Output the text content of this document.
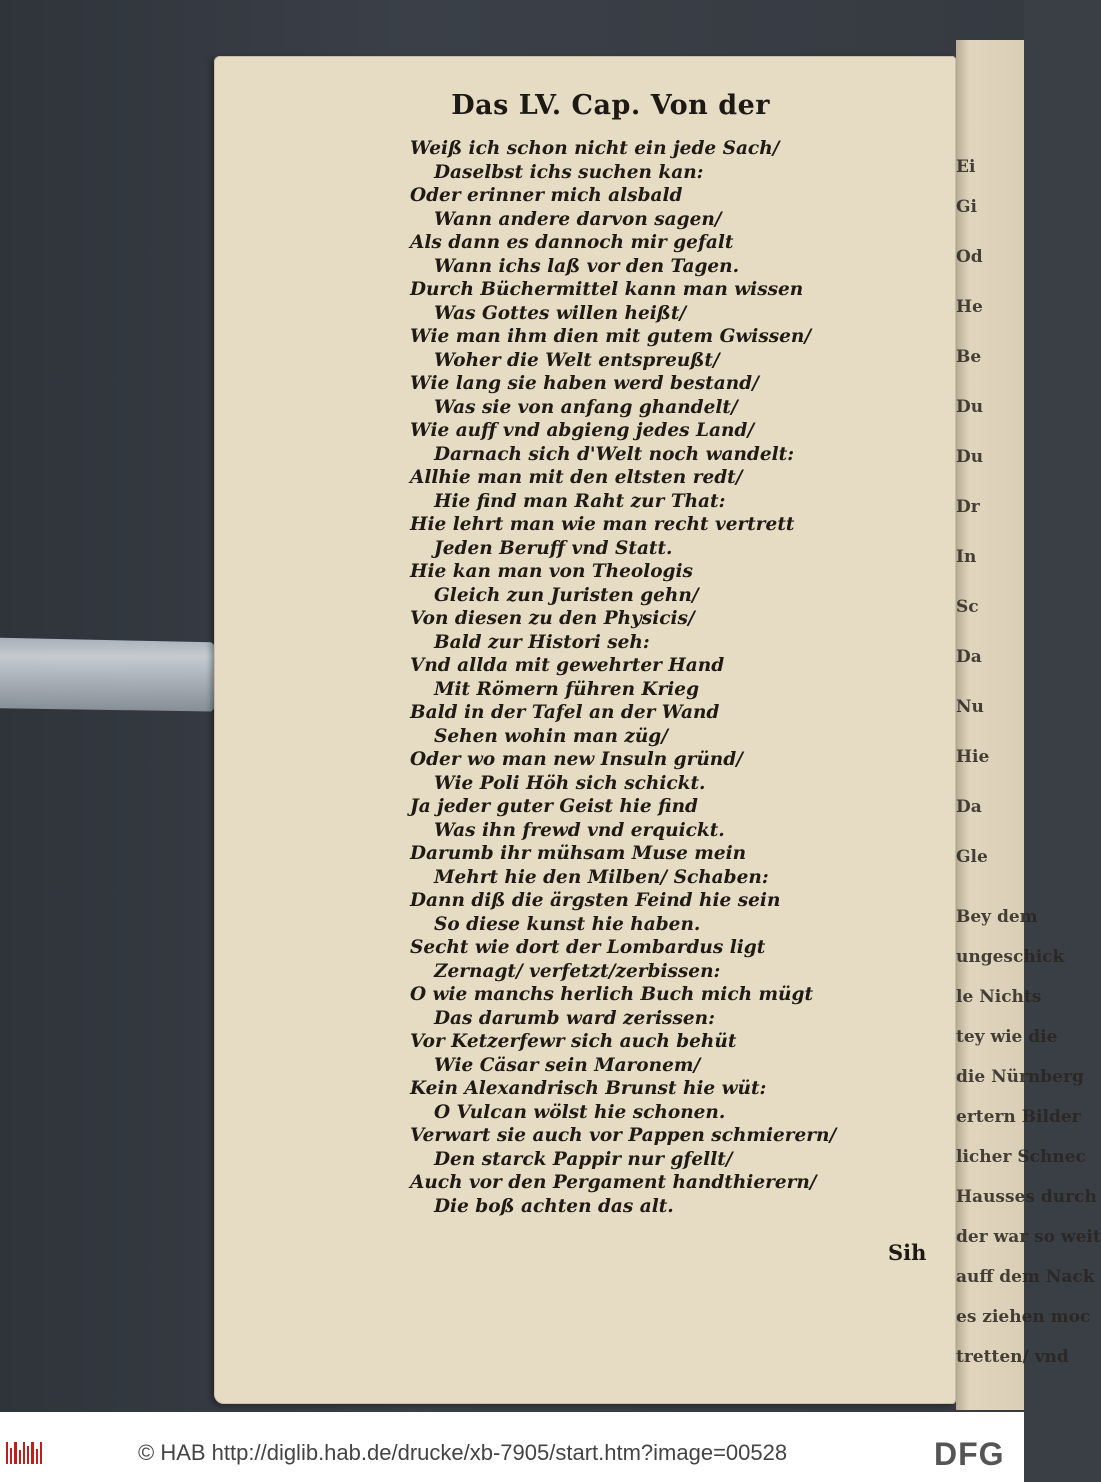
Ei
Gi
Od
He
Be
Du
Du
Dr
In
Sc
Da
Nu
Hie
Da
Gle
Bey dem
ungeschick
le Nichts
tey wie die
die Nürnberg
ertern Bilder
licher Schnec
Hausses durch
der war so weit
auff dem Nack
es ziehen moc
tretten/ vnd
Das LV. Cap. Von der
Weiß ich schon nicht ein jede Sach/
Daselbst ichs suchen kan:
Oder erinner mich alsbald
Wann andere darvon sagen/
Als dann es dannoch mir gefalt
Wann ichs laß vor den Tagen.
Durch Büchermittel kann man wissen
Was Gottes willen heißt/
Wie man ihm dien mit gutem Gwissen/
Woher die Welt entspreußt/
Wie lang sie haben werd bestand/
Was sie von anfang ghandelt/
Wie auff vnd abgieng jedes Land/
Darnach sich d'Welt noch wandelt:
Allhie man mit den eltsten redt/
Hie find man Raht zur That:
Hie lehrt man wie man recht vertrett
Jeden Beruff vnd Statt.
Hie kan man von Theologis
Gleich zun Juristen gehn/
Von diesen zu den Physicis/
Bald zur Histori seh:
Vnd allda mit gewehrter Hand
Mit Römern führen Krieg
Bald in der Tafel an der Wand
Sehen wohin man züg/
Oder wo man new Insuln gründ/
Wie Poli Höh sich schickt.
Ja jeder guter Geist hie find
Was ihn frewd vnd erquickt.
Darumb ihr mühsam Muse mein
Mehrt hie den Milben/ Schaben:
Dann diß die ärgsten Feind hie sein
So diese kunst hie haben.
Secht wie dort der Lombardus ligt
Zernagt/ verfetzt/zerbissen:
O wie manchs herlich Buch mich mügt
Das darumb ward zerissen:
Vor Ketzerfewr sich auch behüt
Wie Cäsar sein Maronem/
Kein Alexandrisch Brunst hie wüt:
O Vulcan wölst hie schonen.
Verwart sie auch vor Pappen schmierern/
Den starck Pappir nur gfellt/
Auch vor den Pergament handthierern/
Die boß achten das alt.
Sih
© HAB http://diglib.hab.de/drucke/xb-7905/start.htm?image=00528	DFG
